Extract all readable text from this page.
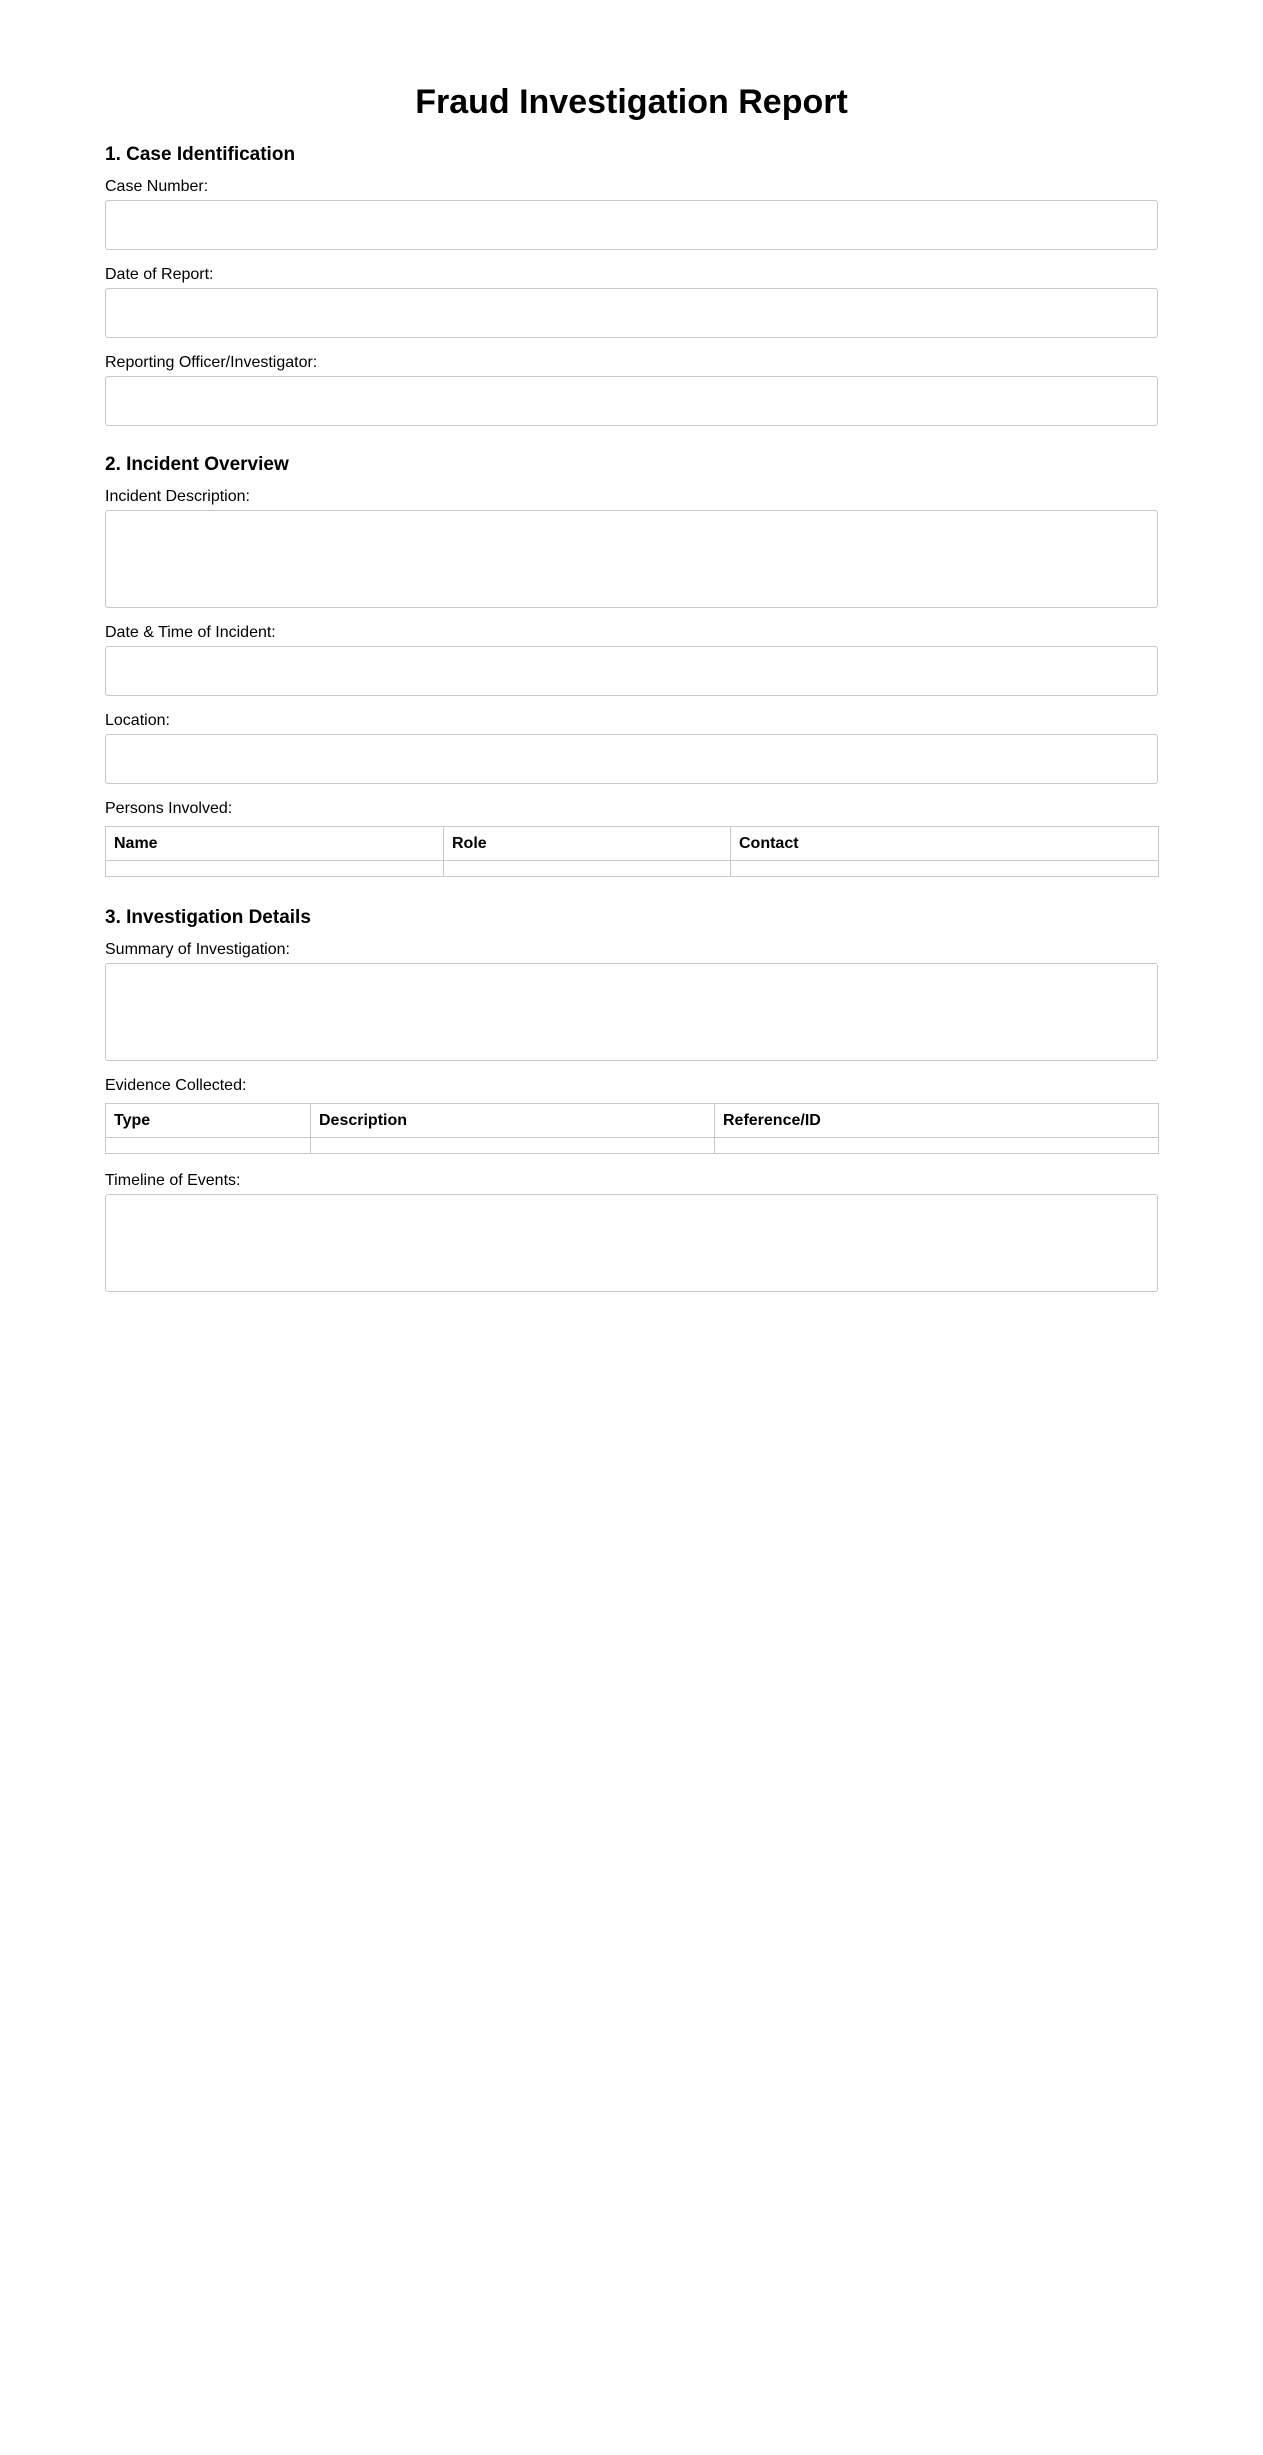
Fraud Investigation Report
1. Case Identification
Case Number:
Date of Report:
Reporting Officer/Investigator:
2. Incident Overview
Incident Description:
Date & Time of Incident:
Location:
Persons Involved:
Name	Role	Contact

3. Investigation Details
Summary of Investigation:
Evidence Collected:
Type	Description	Reference/ID

Timeline of Events:
